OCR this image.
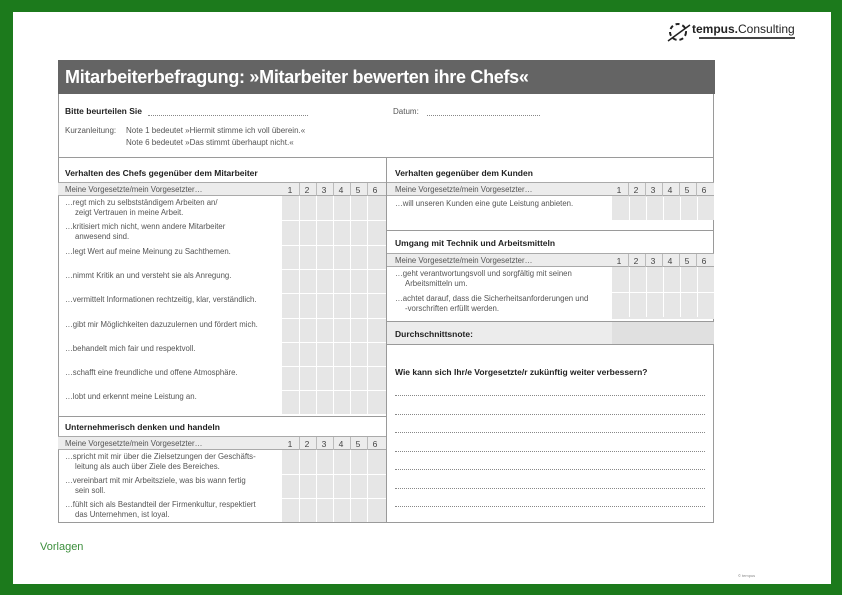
tempus.Consulting
Mitarbeiterbefragung: »Mitarbeiter bewerten ihre Chefs«
Bitte beurteilen Sie	Datum:
Kurzanleitung: Note 1 bedeutet »Hiermit stimme ich voll überein.«
Note 6 bedeutet »Das stimmt überhaupt nicht.«
Verhalten des Chefs gegenüber dem Mitarbeiter
Meine Vorgesetzte/mein Vorgesetzter…	1	2	3	4	5	6
…regt mich zu selbstständigem Arbeiten an/
zeigt Vertrauen in meine Arbeit.
…kritisiert mich nicht, wenn andere Mitarbeiter
anwesend sind.
…legt Wert auf meine Meinung zu Sachthemen.
…nimmt Kritik an und versteht sie als Anregung.
…vermittelt Informationen rechtzeitig, klar, verständlich.
…gibt mir Möglichkeiten dazuzulernen und fördert mich.
…behandelt mich fair und respektvoll.
…schafft eine freundliche und offene Atmosphäre.
…lobt und erkennt meine Leistung an.
Unternehmerisch denken und handeln
Meine Vorgesetzte/mein Vorgesetzter…	1	2	3	4	5	6
…spricht mit mir über die Zielsetzungen der Geschäfts-
leitung als auch über Ziele des Bereiches.
…vereinbart mit mir Arbeitsziele, was bis wann fertig
sein soll.
…fühlt sich als Bestandteil der Firmenkultur, respektiert
das Unternehmen, ist loyal.
Verhalten gegenüber dem Kunden
Meine Vorgesetzte/mein Vorgesetzter…	1	2	3	4	5	6
…will unseren Kunden eine gute Leistung anbieten.
Umgang mit Technik und Arbeitsmitteln
Meine Vorgesetzte/mein Vorgesetzter…	1	2	3	4	5	6
…geht verantwortungsvoll und sorgfältig mit seinen
Arbeitsmitteln um.
…achtet darauf, dass die Sicherheitsanforderungen und
-vorschriften erfüllt werden.
Durchschnittsnote:
Wie kann sich Ihr/e Vorgesetzte/r zukünftig weiter verbessern?
© tempus
Vorlagen
